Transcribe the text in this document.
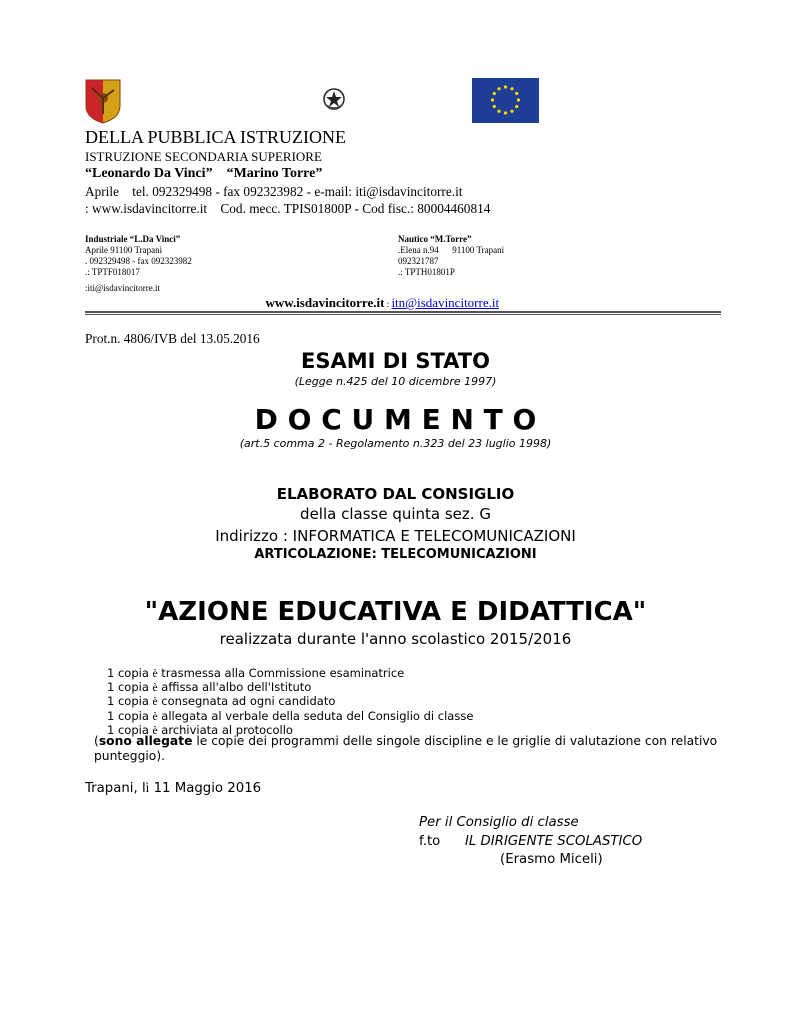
DELLA PUBBLICA ISTRUZIONE
ISTRUZIONE SECONDARIA SUPERIORE
“Leonardo Da Vinci”    “Marino Torre”
Aprile    tel. 092329498 - fax 092323982 - e-mail: iti@isdavincitorre.it
: www.isdavincitorre.it    Cod. mecc. TPIS01800P - Cod fisc.: 80004460814
Industriale “L.Da Vinci”
Aprile 91100 Trapani
. 092329498 - fax 092323982
.: TPTF018017
:iti@isdavincitorre.it
Nautico “M.Torre”
.Elena n.94      91100 Trapani
092321787
.: TPTH01801P

www.isdavincitorre.it : itn@isdavincitorre.it

Prot.n. 4806/IVB del 13.05.2016
ESAMI DI STATO
(Legge n.425 del 10 dicembre 1997)
D O C U M E N T O
(art.5 comma 2 - Regolamento n.323 del 23 luglio 1998)
ELABORATO DAL CONSIGLIO
della classe quinta sez. G
Indirizzo : INFORMATICA E TELECOMUNICAZIONI
ARTICOLAZIONE: TELECOMUNICAZIONI
"AZIONE EDUCATIVA E DIDATTICA"
realizzata durante l'anno scolastico 2015/2016
1 copia è trasmessa alla Commissione esaminatrice
1 copia è affissa all'albo dell'Istituto
1 copia è consegnata ad ogni candidato
1 copia è allegata al verbale della seduta del Consiglio di classe
1 copia è archiviata al protocollo
(sono allegate le copie dei programmi delle singole discipline e le griglie di valutazione con relativo
punteggio).
Trapani, lì 11 Maggio 2016
Per il Consiglio di classe
f.to IL DIRIGENTE SCOLASTICO
(Erasmo Miceli)
